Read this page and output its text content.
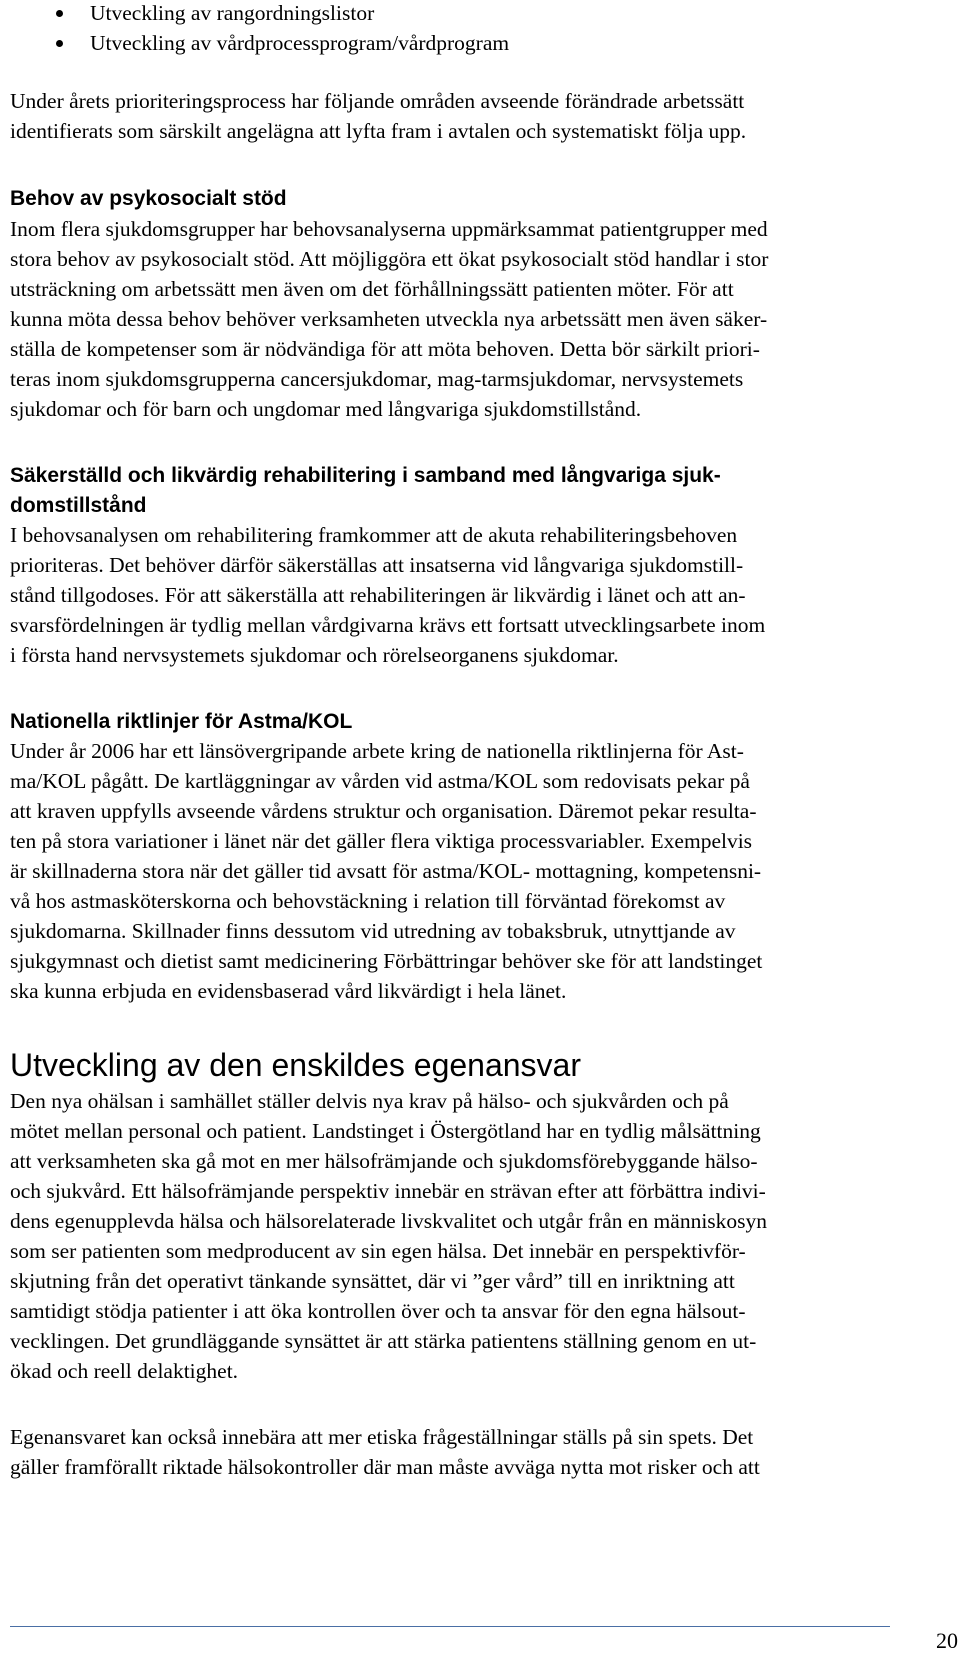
Utveckling av rangordningslistor
Utveckling av vårdprocessprogram/vårdprogram
Under årets prioriteringsprocess har följande områden avseende förändrade arbetssätt
identifierats som särskilt angelägna att lyfta fram i avtalen och systematiskt följa upp.
Behov av psykosocialt stöd
Inom flera sjukdomsgrupper har behovsanalyserna uppmärksammat patientgrupper med
stora behov av psykosocialt stöd. Att möjliggöra ett ökat psykosocialt stöd handlar i stor
utsträckning om arbetssätt men även om det förhållningssätt patienten möter. För att
kunna möta dessa behov behöver verksamheten utveckla nya arbetssätt men även säker-
ställa de kompetenser som är nödvändiga för att möta behoven. Detta bör särkilt priori-
teras inom sjukdomsgrupperna cancersjukdomar, mag-tarmsjukdomar, nervsystemets
sjukdomar och för barn och ungdomar med långvariga sjukdomstillstånd.
Säkerställd och likvärdig rehabilitering i samband med långvariga sjuk-
domstillstånd
I behovsanalysen om rehabilitering framkommer att de akuta rehabiliteringsbehoven
prioriteras. Det behöver därför säkerställas att insatserna vid långvariga sjukdomstill-
stånd tillgodoses. För att säkerställa att rehabiliteringen är likvärdig i länet och att an-
svarsfördelningen är tydlig mellan vårdgivarna krävs ett fortsatt utvecklingsarbete inom
i första hand nervsystemets sjukdomar och rörelseorganens sjukdomar.
Nationella riktlinjer för Astma/KOL
Under år 2006 har ett länsövergripande arbete kring de nationella riktlinjerna för Ast-
ma/KOL pågått. De kartläggningar av vården vid astma/KOL som redovisats pekar på
att kraven uppfylls avseende vårdens struktur och organisation. Däremot pekar resulta-
ten på stora variationer i länet när det gäller flera viktiga processvariabler. Exempelvis
är skillnaderna stora när det gäller tid avsatt för astma/KOL- mottagning, kompetensni-
vå hos astmasköterskorna och behovstäckning i relation till förväntad förekomst av
sjukdomarna. Skillnader finns dessutom vid utredning av tobaksbruk, utnyttjande av
sjukgymnast och dietist samt medicinering Förbättringar behöver ske för att landstinget
ska kunna erbjuda en evidensbaserad vård likvärdigt i hela länet.
Utveckling av den enskildes egenansvar
Den nya ohälsan i samhället ställer delvis nya krav på hälso- och sjukvården och på
mötet mellan personal och patient. Landstinget i Östergötland har en tydlig målsättning
att verksamheten ska gå mot en mer hälsofrämjande och sjukdomsförebyggande hälso-
och sjukvård. Ett hälsofrämjande perspektiv innebär en strävan efter att förbättra indivi-
dens egenupplevda hälsa och hälsorelaterade livskvalitet och utgår från en människosyn
som ser patienten som medproducent av sin egen hälsa. Det innebär en perspektivför-
skjutning från det operativt tänkande synsättet, där vi ”ger vård” till en inriktning att
samtidigt stödja patienter i att öka kontrollen över och ta ansvar för den egna hälsout-
vecklingen. Det grundläggande synsättet är att stärka patientens ställning genom en ut-
ökad och reell delaktighet.
Egenansvaret kan också innebära att mer etiska frågeställningar ställs på sin spets. Det
gäller framförallt riktade hälsokontroller där man måste avväga nytta mot risker och att
20
